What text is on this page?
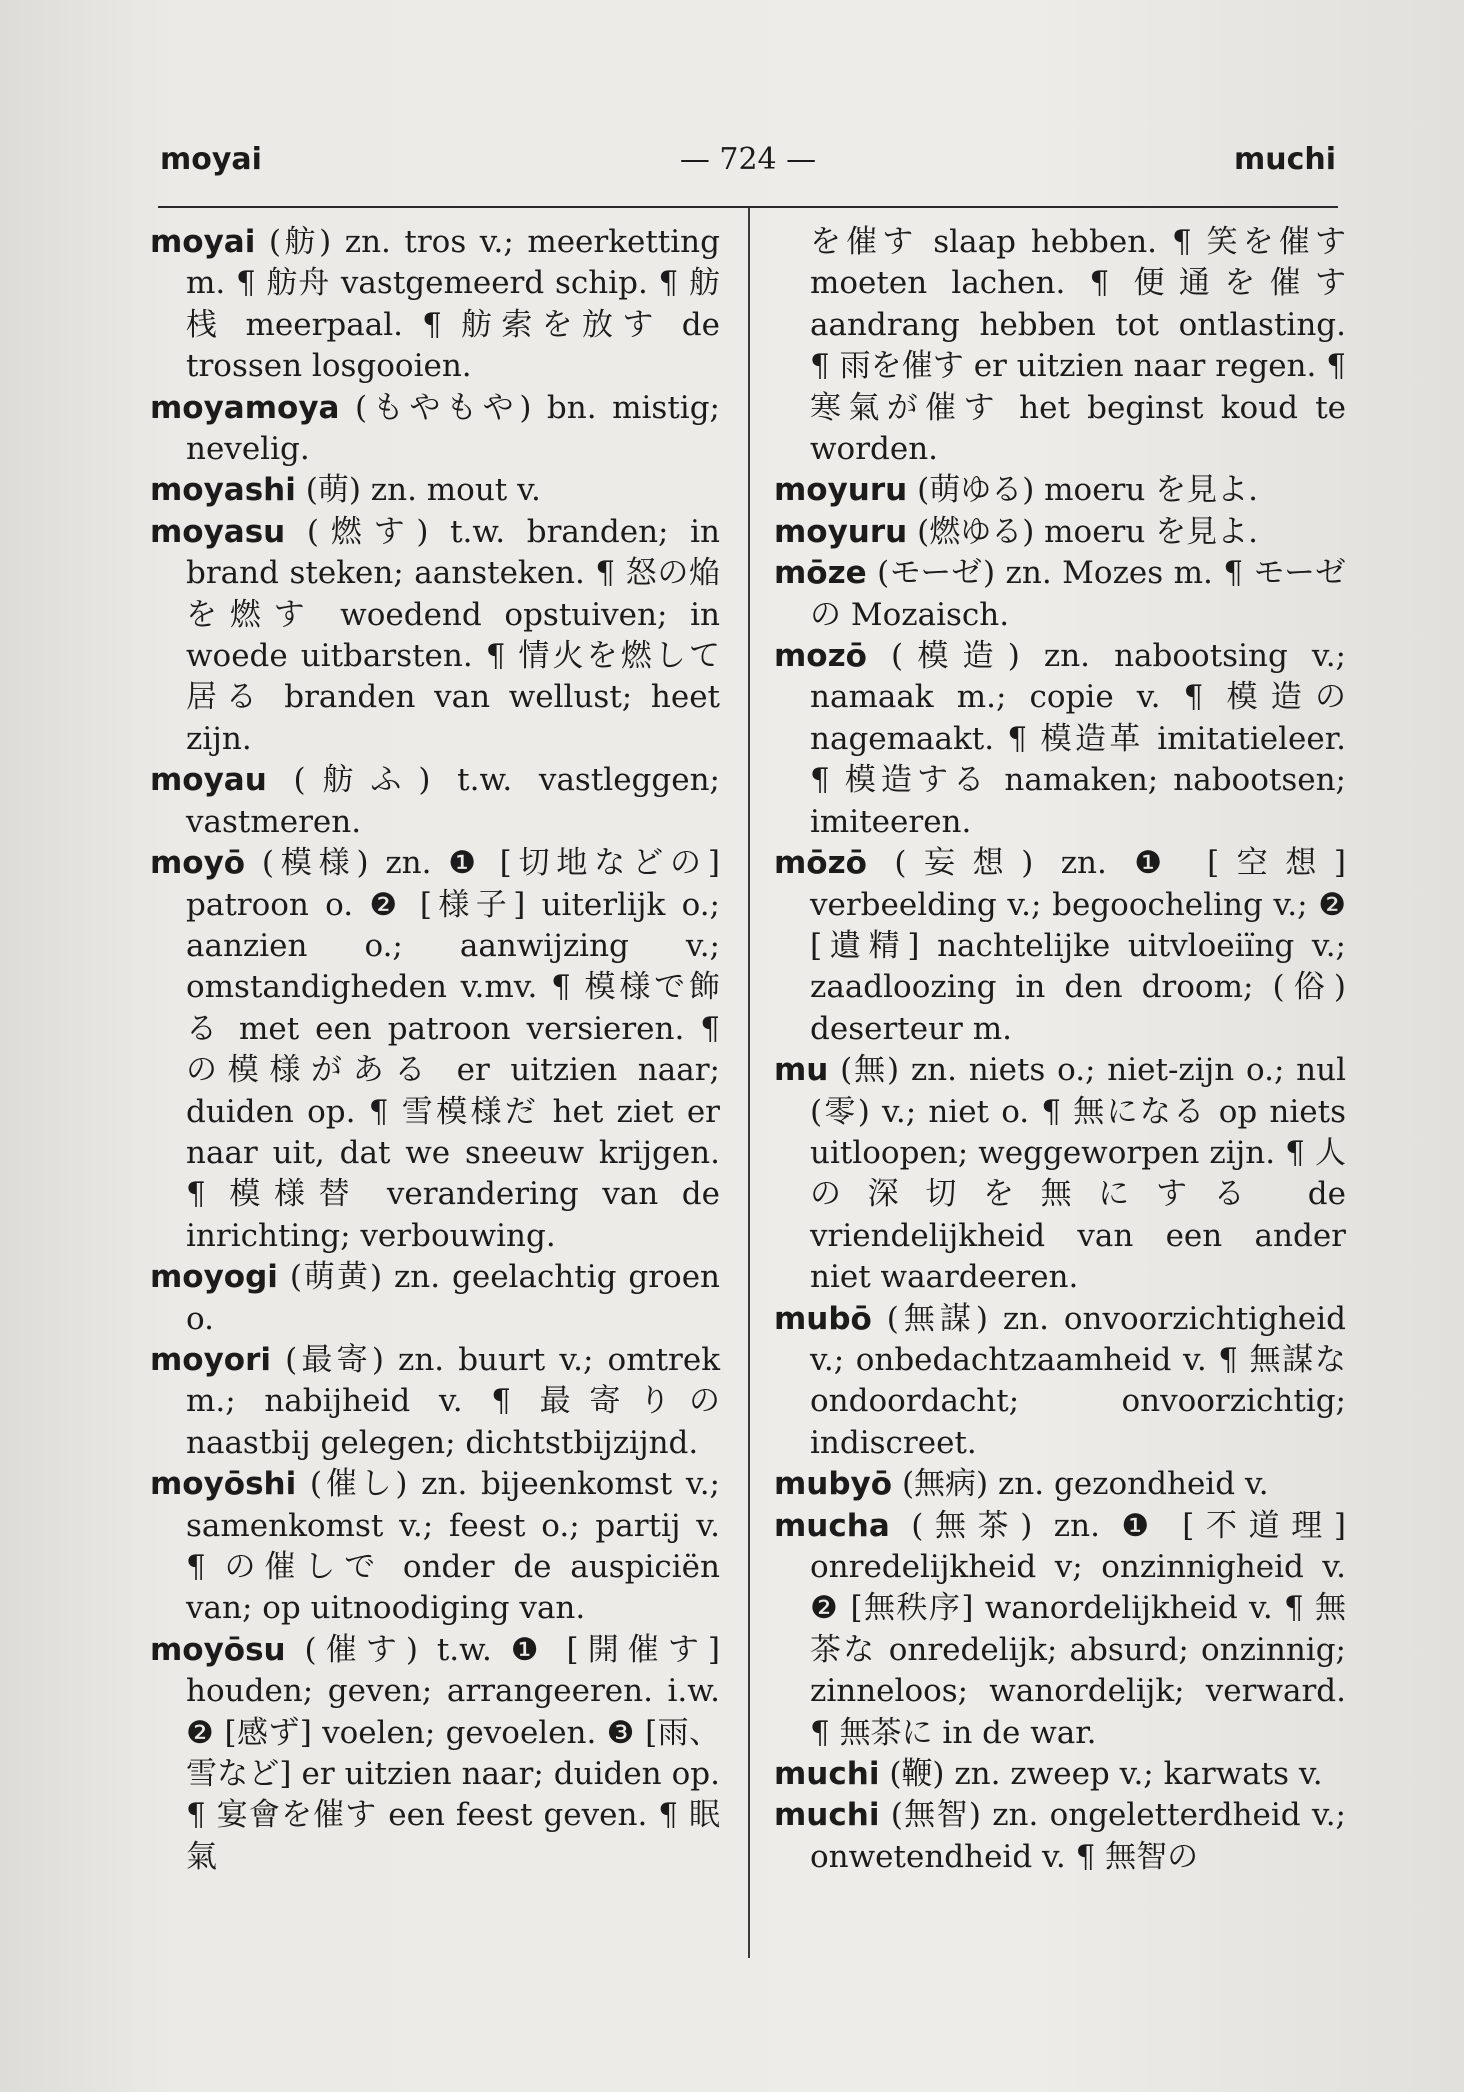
moyai	— 724 —	muchi

moyai (舫) zn. tros v.; meerketting m. ¶ 舫舟 vastgemeerd schip. ¶ 舫桟 meerpaal. ¶ 舫索を放す de trossen losgooien.

moyamoya (もやもや) bn. mistig; nevelig.

moyashi (萌) zn. mout v.

moyasu (燃す) t.w. branden; in brand steken; aansteken. ¶ 怒の焔を燃す woedend opstuiven; in woede uitbarsten. ¶ 情火を燃して居る branden van wellust; heet zijn.

moyau (舫ふ) t.w. vastleggen; vastmeren.

moyō (模様) zn. ❶ [切地などの] patroon o. ❷ [様子] uiterlijk o.; aanzien o.; aanwijzing v.; omstandigheden v.mv. ¶ 模様で飾る met een patroon versieren. ¶ の模様がある er uitzien naar; duiden op. ¶ 雪模様だ het ziet er naar uit, dat we sneeuw krijgen. ¶ 模様替 verandering van de inrichting; verbouwing.

moyogi (萌黄) zn. geelachtig groen o.

moyori (最寄) zn. buurt v.; omtrek m.; nabijheid v. ¶ 最寄りの naastbij gelegen; dichtstbijzijnd.

moyōshi (催し) zn. bijeenkomst v.; samenkomst v.; feest o.; partij v. ¶ の催しで onder de auspiciën van; op uitnoodiging van.

moyōsu (催す) t.w. ❶ [開催す] houden; geven; arrangeeren. i.w. ❷ [感ず] voelen; gevoelen. ❸ [雨、雪など] er uitzien naar; duiden op. ¶ 宴會を催す een feest geven. ¶ 眠氣

を催す slaap hebben. ¶ 笑を催す moeten lachen. ¶ 便通を催す aandrang hebben tot ontlasting. ¶ 雨を催す er uitzien naar regen. ¶ 寒氣が催す het beginst koud te worden.

moyuru (萌ゆる) moeru を見よ.

moyuru (燃ゆる) moeru を見よ.

mōze (モーゼ) zn. Mozes m. ¶ モーゼの Mozaisch.

mozō (模造) zn. nabootsing v.; namaak m.; copie v. ¶ 模造の nagemaakt. ¶ 模造革 imitatieleer. ¶ 模造する namaken; nabootsen; imiteeren.

mōzō (妄想) zn. ❶ [空想] verbeelding v.; begoocheling v.; ❷ [遺精] nachtelijke uitvloeiïng v.; zaadloozing in den droom; (俗) deserteur m.

mu (無) zn. niets o.; niet-zijn o.; nul (零) v.; niet o. ¶ 無になる op niets uitloopen; weggeworpen zijn. ¶ 人の深切を無にする de vriendelijkheid van een ander niet waardeeren.

mubō (無謀) zn. onvoorzichtigheid v.; onbedachtzaamheid v. ¶ 無謀な ondoordacht; onvoorzichtig; indiscreet.

mubyō (無病) zn. gezondheid v.

mucha (無茶) zn. ❶ [不道理] onredelijkheid v; onzinnigheid v. ❷ [無秩序] wanordelijkheid v. ¶ 無茶な onredelijk; absurd; onzinnig; zinneloos; wanordelijk; verward. ¶ 無茶に in de war.

muchi (鞭) zn. zweep v.; karwats v.

muchi (無智) zn. ongeletterdheid v.; onwetendheid v. ¶ 無智の
